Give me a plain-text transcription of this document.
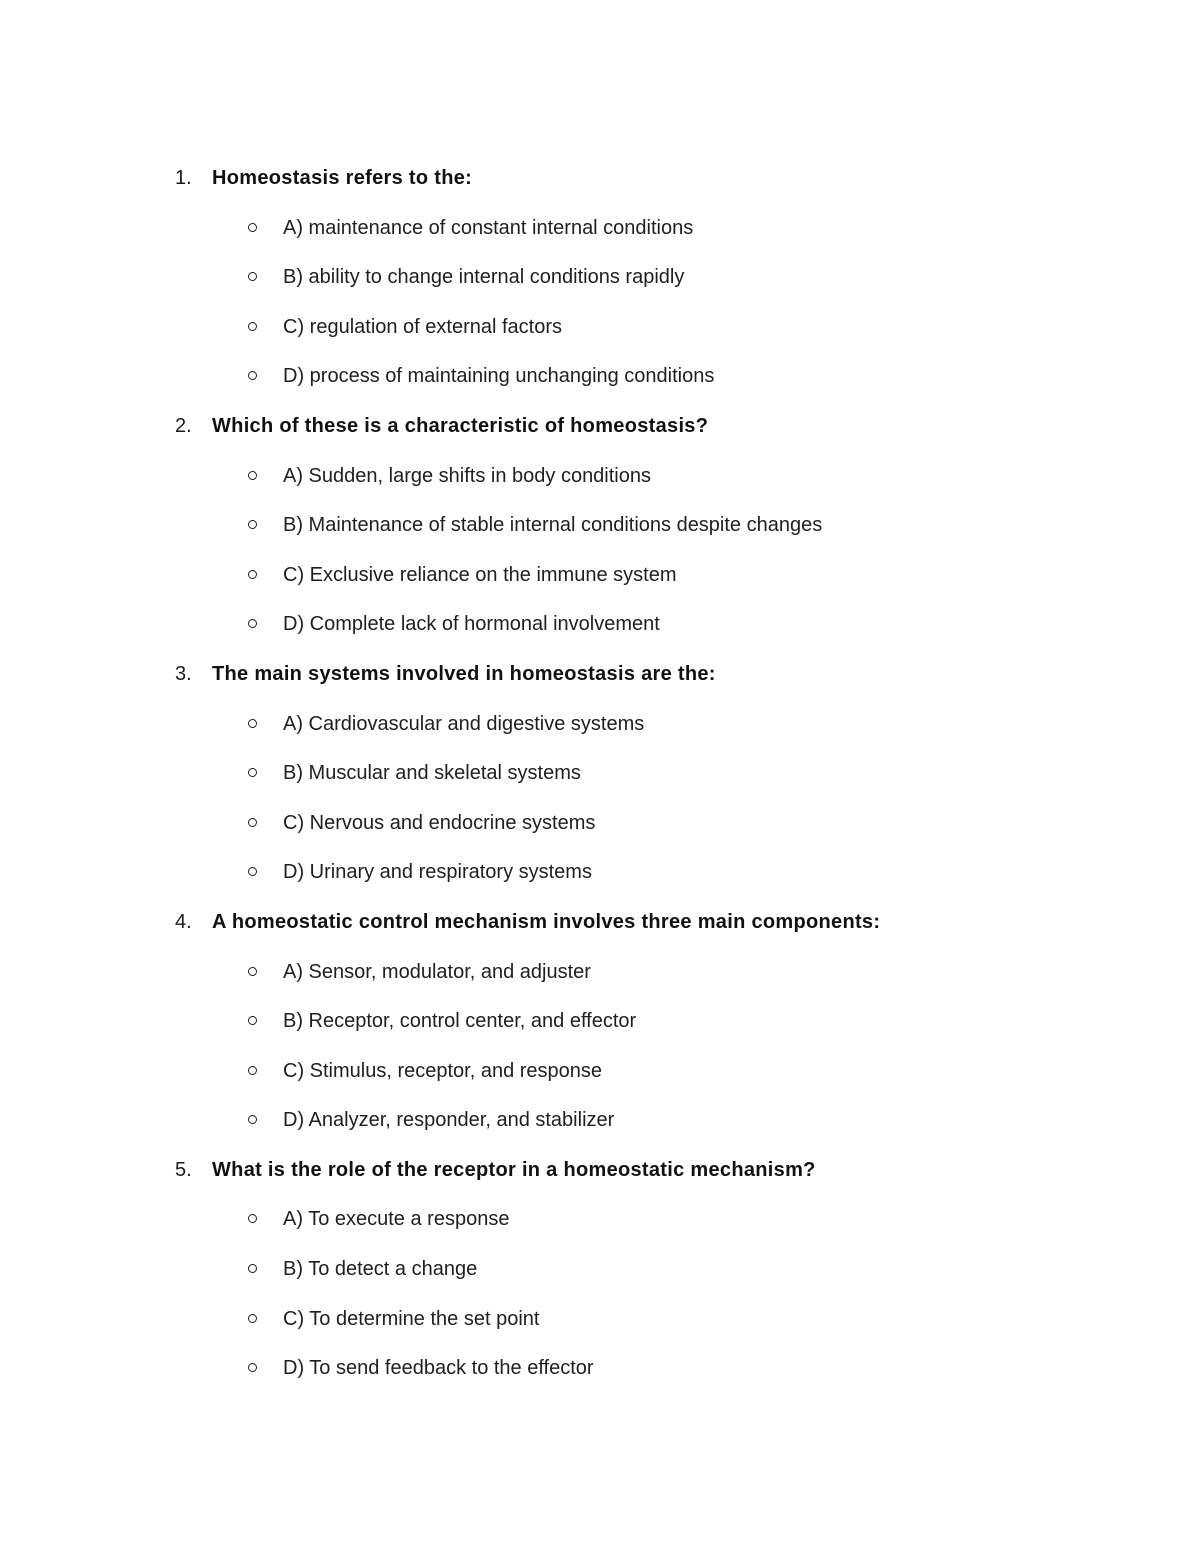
1. Homeostasis refers to the:
A) maintenance of constant internal conditions
B) ability to change internal conditions rapidly
C) regulation of external factors
D) process of maintaining unchanging conditions
2. Which of these is a characteristic of homeostasis?
A) Sudden, large shifts in body conditions
B) Maintenance of stable internal conditions despite changes
C) Exclusive reliance on the immune system
D) Complete lack of hormonal involvement
3. The main systems involved in homeostasis are the:
A) Cardiovascular and digestive systems
B) Muscular and skeletal systems
C) Nervous and endocrine systems
D) Urinary and respiratory systems
4. A homeostatic control mechanism involves three main components:
A) Sensor, modulator, and adjuster
B) Receptor, control center, and effector
C) Stimulus, receptor, and response
D) Analyzer, responder, and stabilizer
5. What is the role of the receptor in a homeostatic mechanism?
A) To execute a response
B) To detect a change
C) To determine the set point
D) To send feedback to the effector
